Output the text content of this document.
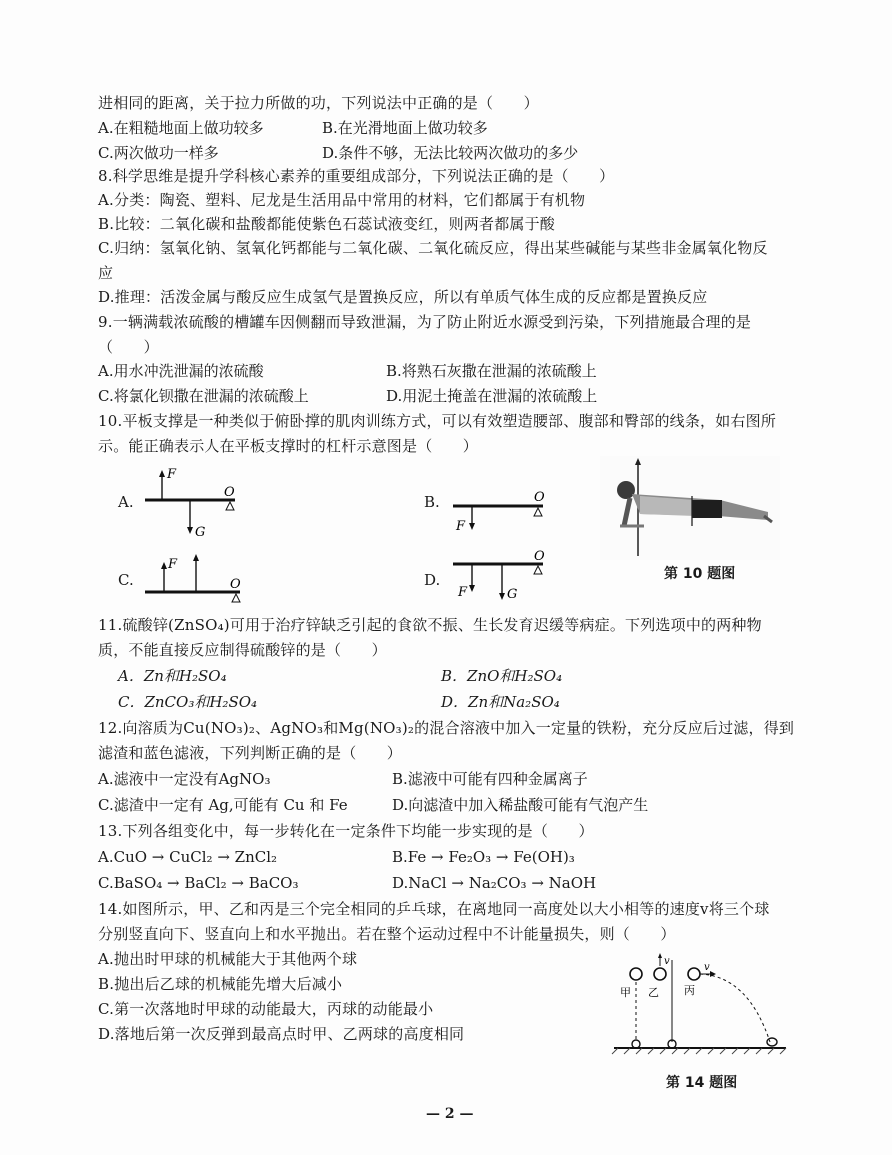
进相同的距离，关于拉力所做的功，下列说法中正确的是（　　）
A.在粗糙地面上做功较多	B.在光滑地面上做功较多
C.两次做功一样多	D.条件不够，无法比较两次做功的多少
8.科学思维是提升学科核心素养的重要组成部分，下列说法正确的是（　　）
A.分类：陶瓷、塑料、尼龙是生活用品中常用的材料，它们都属于有机物
B.比较：二氧化碳和盐酸都能使紫色石蕊试液变红，则两者都属于酸
C.归纳：氢氧化钠、氢氧化钙都能与二氧化碳、二氧化硫反应，得出某些碱能与某些非金属氧化物反
应
D.推理：活泼金属与酸反应生成氢气是置换反应，所以有单质气体生成的反应都是置换反应
9.一辆满载浓硫酸的槽罐车因侧翻而导致泄漏，为了防止附近水源受到污染，下列措施最合理的是
（　　）
A.用水冲洗泄漏的浓硫酸	B.将熟石灰撒在泄漏的浓硫酸上
C.将氯化钡撒在泄漏的浓硫酸上	D.用泥土掩盖在泄漏的浓硫酸上
10.平板支撑是一种类似于俯卧撑的肌肉训练方式，可以有效塑造腰部、腹部和臀部的线条，如右图所
示。能正确表示人在平板支撑时的杠杆示意图是（　　）
A.
F
G
O
B.
F
O
C.
F
O	D.
F	G
O
第 10 题图
11.硫酸锌(ZnSO₄)可用于治疗锌缺乏引起的食欲不振、生长发育迟缓等病症。下列选项中的两种物
质，不能直接反应制得硫酸锌的是（　　）
A．Zn和H₂SO₄	B．ZnO和H₂SO₄
C．ZnCO₃和H₂SO₄	D．Zn和Na₂SO₄
12.向溶质为Cu(NO₃)₂、AgNO₃和Mg(NO₃)₂的混合溶液中加入一定量的铁粉，充分反应后过滤，得到
滤渣和蓝色滤液，下列判断正确的是（　　）
A.滤液中一定没有AgNO₃	B.滤液中可能有四种金属离子
C.滤渣中一定有 Ag,可能有 Cu 和 Fe	D.向滤渣中加入稀盐酸可能有气泡产生
13.下列各组变化中，每一步转化在一定条件下均能一步实现的是（　　）
A.CuO → CuCl₂ → ZnCl₂	B.Fe → Fe₂O₃ → Fe(OH)₃
C.BaSO₄ → BaCl₂ → BaCO₃	D.NaCl → Na₂CO₃ → NaOH
14.如图所示，甲、乙和丙是三个完全相同的乒乓球，在离地同一高度处以大小相等的速度v将三个球
分别竖直向下、竖直向上和水平抛出。若在整个运动过程中不计能量损失，则（　　）
A.抛出时甲球的机械能大于其他两个球
B.抛出后乙球的机械能先增大后减小
C.第一次落地时甲球的动能最大，丙球的动能最小
D.落地后第一次反弹到最高点时甲、乙两球的高度相同
甲 乙 丙
v
v
第 14 题图
— 2 —
